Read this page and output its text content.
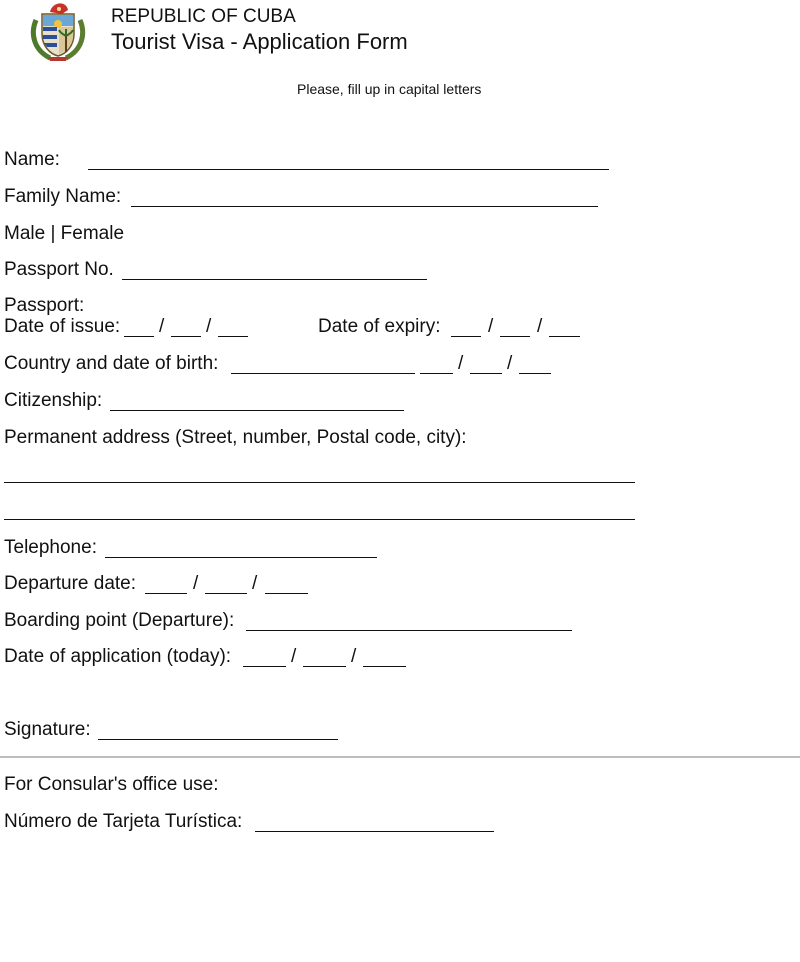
REPUBLIC OF CUBA
Tourist Visa - Application Form
Please, fill up in capital letters
Name:
Family Name:
Male | Female
Passport No.
Passport:
Date of issue: / /	Date of expiry:	/ /
Country and date of birth:	/ /
Citizenship:
Permanent address (Street, number, Postal code, city):
Telephone:
Departure date:	/	/
Boarding point (Departure):
Date of application (today):	/	/
Signature:
For Consular's office use:
Número de Tarjeta Turística:
